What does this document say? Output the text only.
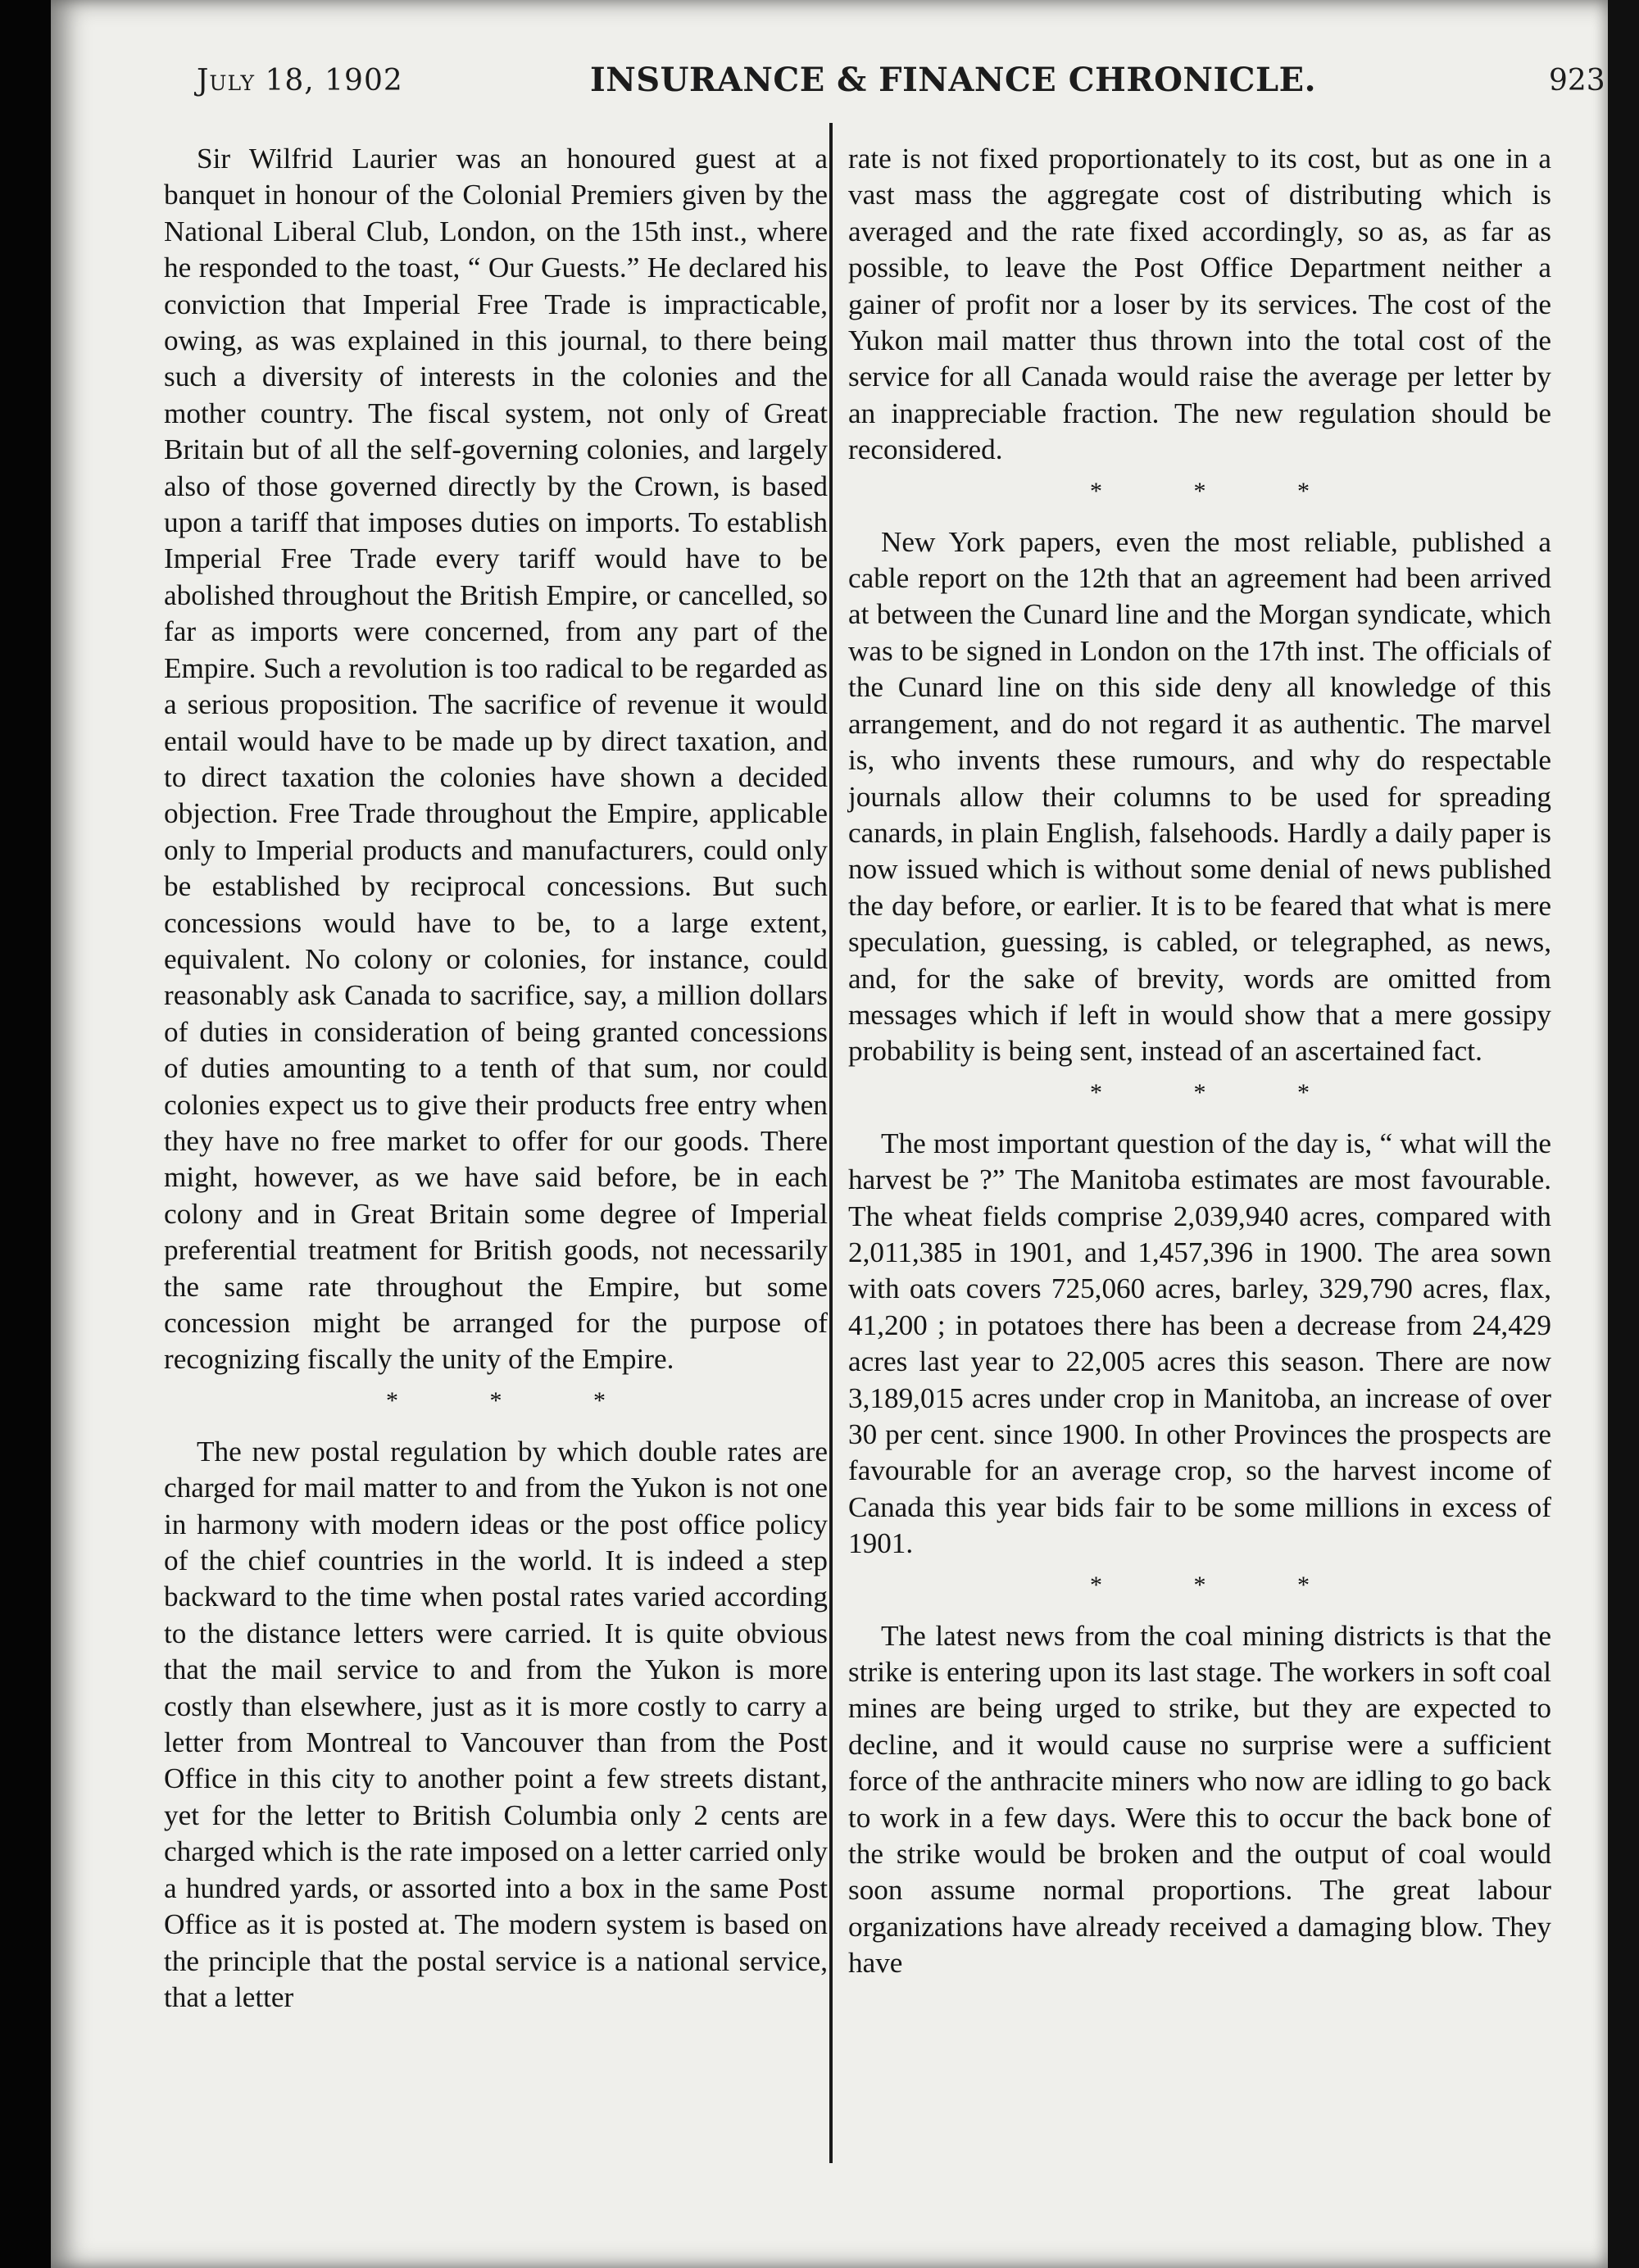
July 18, 1902	INSURANCE & FINANCE CHRONICLE.	923

Sir Wilfrid Laurier was an honoured guest at a banquet in honour of the Colonial Premiers given by the National Liberal Club, London, on the 15th inst., where he responded to the toast, “ Our Guests.” He declared his conviction that Imperial Free Trade is impracticable, owing, as was explained in this journal, to there being such a diversity of interests in the colonies and the mother country. The fiscal system, not only of Great Britain but of all the self-governing colonies, and largely also of those governed directly by the Crown, is based upon a tariff that imposes duties on imports. To establish Imperial Free Trade every tariff would have to be abolished throughout the British Empire, or cancelled, so far as imports were concerned, from any part of the Empire. Such a revolution is too radical to be regarded as a serious proposition. The sacrifice of revenue it would entail would have to be made up by direct taxation, and to direct taxation the colonies have shown a decided objection. Free Trade throughout the Empire, applicable only to Imperial products and manufacturers, could only be established by reciprocal concessions. But such concessions would have to be, to a large extent, equivalent. No colony or colonies, for instance, could reasonably ask Canada to sacrifice, say, a million dollars of duties in consideration of being granted concessions of duties amounting to a tenth of that sum, nor could colonies expect us to give their products free entry when they have no free market to offer for our goods. There might, however, as we have said before, be in each colony and in Great Britain some degree of Imperial preferential treatment for British goods, not necessarily the same rate throughout the Empire, but some concession might be arranged for the purpose of recognizing fiscally the unity of the Empire.

* * *

The new postal regulation by which double rates are charged for mail matter to and from the Yukon is not one in harmony with modern ideas or the post office policy of the chief countries in the world. It is indeed a step backward to the time when postal rates varied according to the distance letters were carried. It is quite obvious that the mail service to and from the Yukon is more costly than elsewhere, just as it is more costly to carry a letter from Montreal to Vancouver than from the Post Office in this city to another point a few streets distant, yet for the letter to British Columbia only 2 cents are charged which is the rate imposed on a letter carried only a hundred yards, or assorted into a box in the same Post Office as it is posted at. The modern system is based on the principle that the postal service is a national service, that a letter

rate is not fixed proportionately to its cost, but as one in a vast mass the aggregate cost of distributing which is averaged and the rate fixed accordingly, so as, as far as possible, to leave the Post Office Department neither a gainer of profit nor a loser by its services. The cost of the Yukon mail matter thus thrown into the total cost of the service for all Canada would raise the average per letter by an inappreciable fraction. The new regulation should be reconsidered.

* * *

New York papers, even the most reliable, published a cable report on the 12th that an agreement had been arrived at between the Cunard line and the Morgan syndicate, which was to be signed in London on the 17th inst. The officials of the Cunard line on this side deny all knowledge of this arrangement, and do not regard it as authentic. The marvel is, who invents these rumours, and why do respectable journals allow their columns to be used for spreading canards, in plain English, falsehoods. Hardly a daily paper is now issued which is without some denial of news published the day before, or earlier. It is to be feared that what is mere speculation, guessing, is cabled, or telegraphed, as news, and, for the sake of brevity, words are omitted from messages which if left in would show that a mere gossipy probability is being sent, instead of an ascertained fact.

* * *

The most important question of the day is, “ what will the harvest be ?” The Manitoba estimates are most favourable. The wheat fields comprise 2,039,940 acres, compared with 2,011,385 in 1901, and 1,457,396 in 1900. The area sown with oats covers 725,060 acres, barley, 329,790 acres, flax, 41,200 ; in potatoes there has been a decrease from 24,429 acres last year to 22,005 acres this season. There are now 3,189,015 acres under crop in Manitoba, an increase of over 30 per cent. since 1900. In other Provinces the prospects are favourable for an average crop, so the harvest income of Canada this year bids fair to be some millions in excess of 1901.

* * *

The latest news from the coal mining districts is that the strike is entering upon its last stage. The workers in soft coal mines are being urged to strike, but they are expected to decline, and it would cause no surprise were a sufficient force of the anthracite miners who now are idling to go back to work in a few days. Were this to occur the back bone of the strike would be broken and the output of coal would soon assume normal proportions. The great labour organizations have already received a damaging blow. They have
